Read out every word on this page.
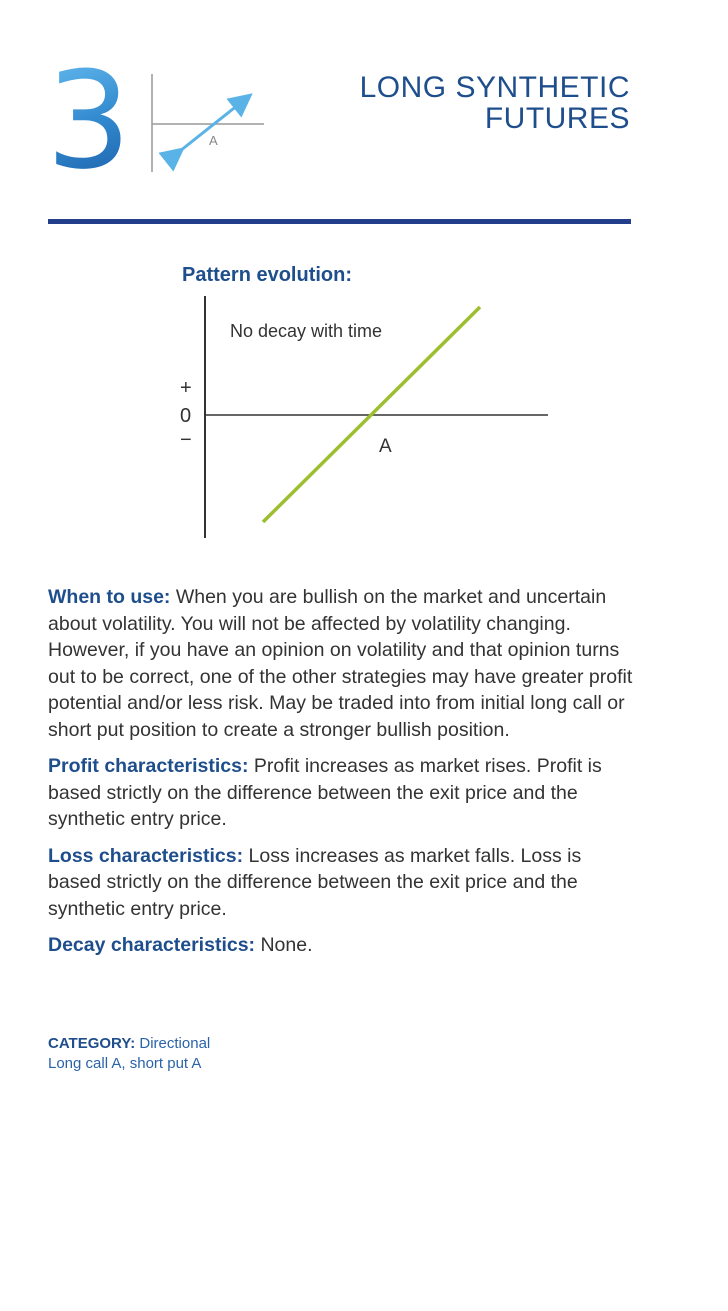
3	A
LONG SYNTHETIC
FUTURES
Pattern evolution:
No decay with time
+
0
−	A

When to use: When you are bullish on the market and uncertain about volatility. You will not be affected by volatility changing. However, if you have an opinion on volatility and that opinion turns out to be correct, one of the other strategies may have greater profit potential and/or less risk. May be traded into from initial long call or short put position to create a stronger bullish position.

Profit characteristics: Profit increases as market rises. Profit is based strictly on the difference between the exit price and the synthetic entry price.

Loss characteristics: Loss increases as market falls. Loss is based strictly on the difference between the exit price and the synthetic entry price.

Decay characteristics: None.

CATEGORY: Directional
Long call A, short put A
